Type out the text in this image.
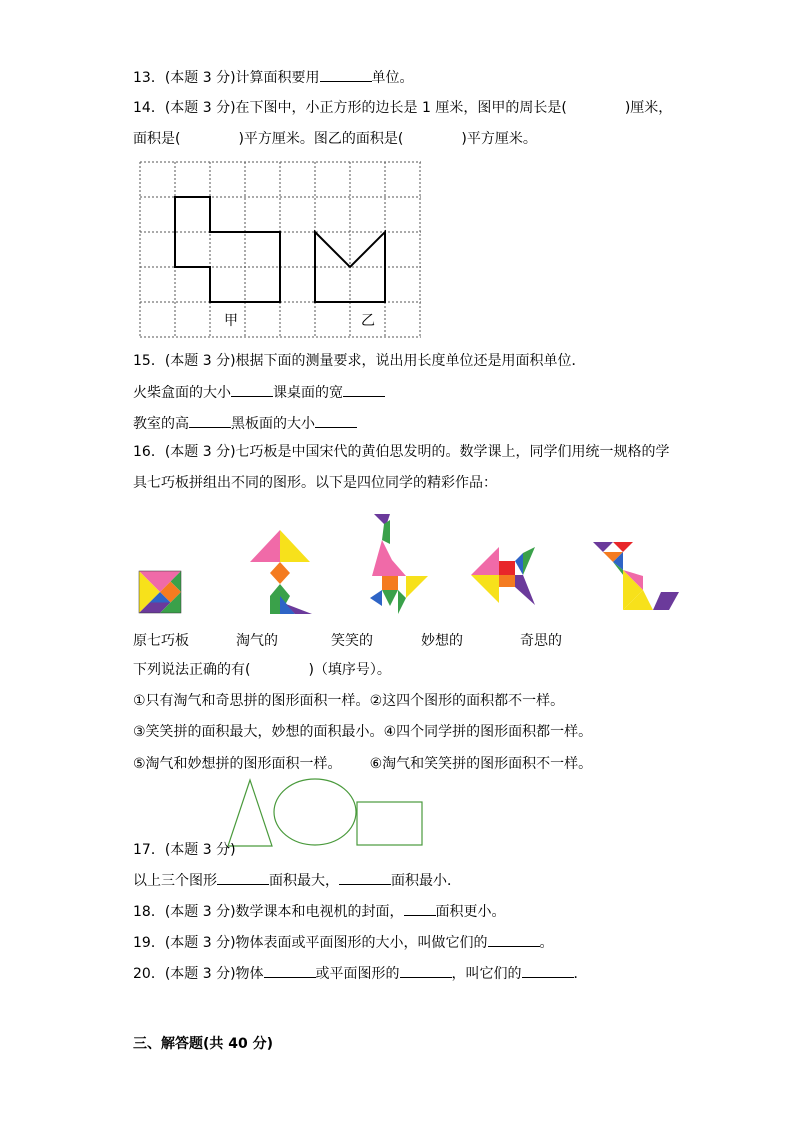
13．(本题 3 分)计算面积要用	单位。
14．(本题 3 分)在下图中，小正方形的边长是 1 厘米，图甲的周长是(	)厘米，
面积是(	)平方厘米。图乙的面积是(	)平方厘米。
甲	乙
15．(本题 3 分)根据下面的测量要求，说出用长度单位还是用面积单位．
火柴盒面的大小	课桌面的宽
教室的高	黑板面的大小
16．(本题 3 分)七巧板是中国宋代的黄伯思发明的。数学课上，同学们用统一规格的学
具七巧板拼组出不同的图形。以下是四位同学的精彩作品：
原七巧板	淘气的	笑笑的	妙想的	奇思的
下列说法正确的有(	)（填序号）。
①只有淘气和奇思拼的图形面积一样。②这四个图形的面积都不一样。
③笑笑拼的面积最大，妙想的面积最小。④四个同学拼的图形面积都一样。
⑤淘气和妙想拼的图形面积一样。 ⑥淘气和笑笑拼的图形面积不一样。
17．(本题 3 分)
以上三个图形	面积最大，	面积最小．
18．(本题 3 分)数学课本和电视机的封面， 面积更小。
19．(本题 3 分)物体表面或平面图形的大小，叫做它们的	。
20．(本题 3 分)物体	或平面图形的	，叫它们的	．
三、解答题(共 40 分)
